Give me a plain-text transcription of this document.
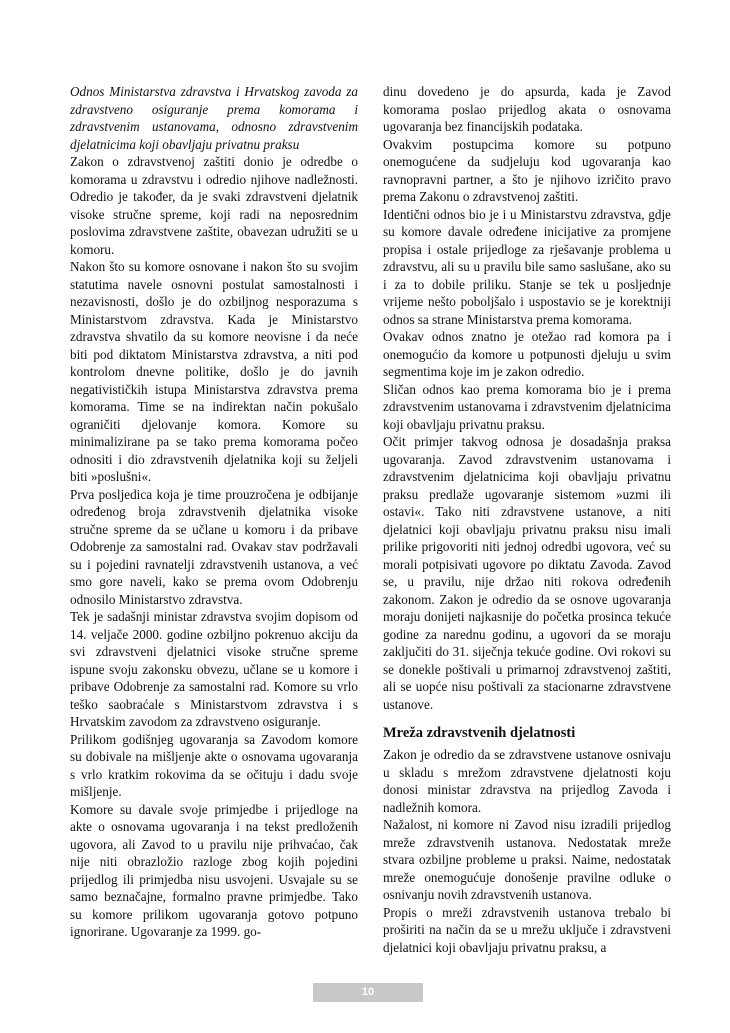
Odnos Ministarstva zdravstva i Hrvatskog zavoda za zdravstveno osiguranje prema komorama i zdravstvenim ustanovama, odnosno zdravstvenim djelatnicima koji obavljaju privatnu praksu

Zakon o zdravstvenoj zaštiti donio je odredbe o komorama u zdravstvu i odredio njihove nadležnosti. Odredio je također, da je svaki zdravstveni djelatnik visoke stručne spreme, koji radi na neposrednim poslovima zdravstvene zaštite, obavezan udružiti se u komoru.

Nakon što su komore osnovane i nakon što su svojim statutima navele osnovni postulat samostalnosti i nezavisnosti, došlo je do ozbiljnog nesporazuma s Ministarstvom zdravstva. Kada je Ministarstvo zdravstva shvatilo da su komore neovisne i da neće biti pod diktatom Ministarstva zdravstva, a niti pod kontrolom dnevne politike, došlo je do javnih negativističkih istupa Ministarstva zdravstva prema komorama. Time se na indirektan način pokušalo ograničiti djelovanje komora. Komore su minimalizirane pa se tako prema komorama počeo odnositi i dio zdravstvenih djelatnika koji su željeli biti »poslušni«.

Prva posljedica koja je time prouzročena je odbijanje određenog broja zdravstvenih djelatnika visoke stručne spreme da se učlane u komoru i da pribave Odobrenje za samostalni rad. Ovakav stav podržavali su i pojedini ravnatelji zdravstvenih ustanova, a već smo gore naveli, kako se prema ovom Odobrenju odnosilo Ministarstvo zdravstva.

Tek je sadašnji ministar zdravstva svojim dopisom od 14. veljače 2000. godine ozbiljno pokrenuo akciju da svi zdravstveni djelatnici visoke stručne spreme ispune svoju zakonsku obvezu, učlane se u komore i pribave Odobrenje za samostalni rad. Komore su vrlo teško saobraćale s Ministarstvom zdravstva i s Hrvatskim zavodom za zdravstveno osiguranje.

Prilikom godišnjeg ugovaranja sa Zavodom komore su dobivale na mišljenje akte o osnovama ugovaranja s vrlo kratkim rokovima da se očituju i dadu svoje mišljenje.

Komore su davale svoje primjedbe i prijedloge na akte o osnovama ugovaranja i na tekst predloženih ugovora, ali Zavod to u pravilu nije prihvaćao, čak nije niti obrazložio razloge zbog kojih pojedini prijedlog ili primjedba nisu usvojeni. Usvajale su se samo beznačajne, formalno pravne primjedbe. Tako su komore prilikom ugovaranja gotovo potpuno ignorirane. Ugovaranje za 1999. go-

dinu dovedeno je do apsurda, kada je Zavod komorama poslao prijedlog akata o osnovama ugovaranja bez financijskih podataka.

Ovakvim postupcima komore su potpuno onemogućene da sudjeluju kod ugovaranja kao ravnopravni partner, a što je njihovo izričito pravo prema Zakonu o zdravstvenoj zaštiti.

Identični odnos bio je i u Ministarstvu zdravstva, gdje su komore davale određene inicijative za promjene propisa i ostale prijedloge za rješavanje problema u zdravstvu, ali su u pravilu bile samo saslušane, ako su i za to dobile priliku. Stanje se tek u posljednje vrijeme nešto poboljšalo i uspostavio se je korektniji odnos sa strane Ministarstva prema komorama.

Ovakav odnos znatno je otežao rad komora pa i onemogućio da komore u potpunosti djeluju u svim segmentima koje im je zakon odredio.

Sličan odnos kao prema komorama bio je i prema zdravstvenim ustanovama i zdravstvenim djelatnicima koji obavljaju privatnu praksu.

Očit primjer takvog odnosa je dosadašnja praksa ugovaranja. Zavod zdravstvenim ustanovama i zdravstvenim djelatnicima koji obavljaju privatnu praksu predlaže ugovaranje sistemom »uzmi ili ostavi«. Tako niti zdravstvene ustanove, a niti djelatnici koji obavljaju privatnu praksu nisu imali prilike prigovoriti niti jednoj odredbi ugovora, već su morali potpisivati ugovore po diktatu Zavoda. Zavod se, u pravilu, nije držao niti rokova određenih zakonom. Zakon je odredio da se osnove ugovaranja moraju donijeti najkasnije do početka prosinca tekuće godine za narednu godinu, a ugovori da se moraju zaključiti do 31. siječnja tekuće godine. Ovi rokovi su se donekle poštivali u primarnoj zdravstvenoj zaštiti, ali se uopće nisu poštivali za stacionarne zdravstvene ustanove.

Mreža zdravstvenih djelatnosti

Zakon je odredio da se zdravstvene ustanove osnivaju u skladu s mrežom zdravstvene djelatnosti koju donosi ministar zdravstva na prijedlog Zavoda i nadležnih komora.

Nažalost, ni komore ni Zavod nisu izradili prijedlog mreže zdravstvenih ustanova. Nedostatak mreže stvara ozbiljne probleme u praksi. Naime, nedostatak mreže onemogućuje donošenje pravilne odluke o osnivanju novih zdravstvenih ustanova.

Propis o mreži zdravstvenih ustanova trebalo bi proširiti na način da se u mrežu uključe i zdravstveni djelatnici koji obavljaju privatnu praksu, a

10
